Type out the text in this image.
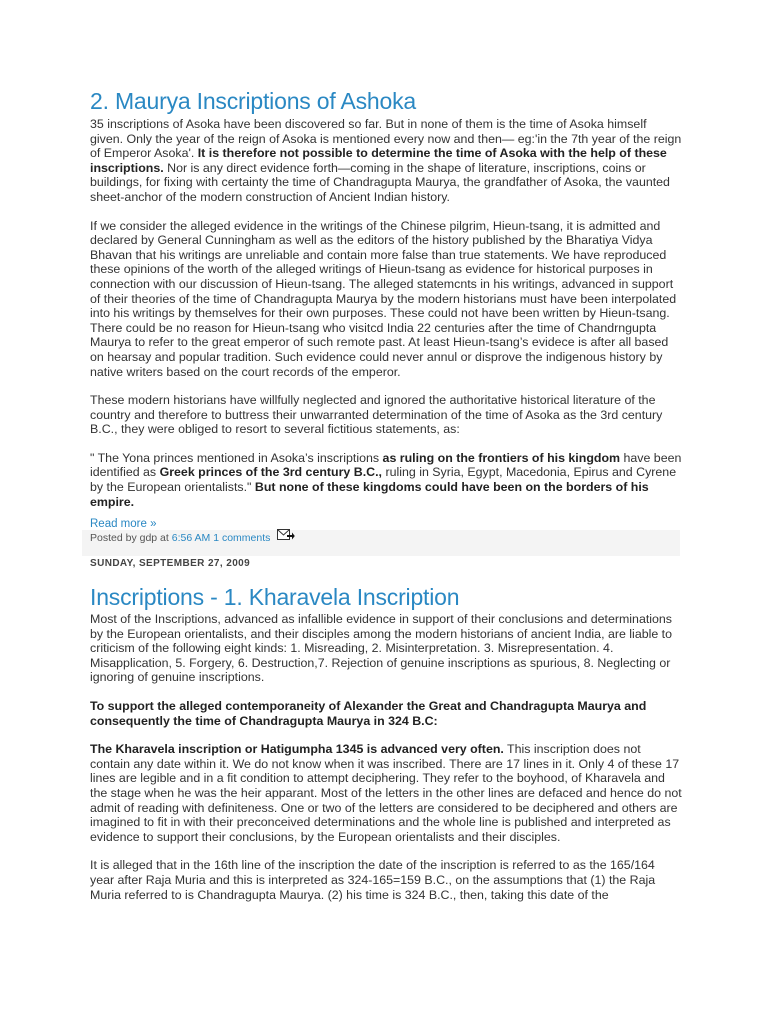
2. Maurya Inscriptions of Ashoka

35 inscriptions of Asoka have been discovered so far. But in none of them is the time of Asoka himself given. Only the year of the reign of Asoka is mentioned every now and then— eg:'in the 7th year of the reign of Emperor Asoka'. It is therefore not possible to determine the time of Asoka with the help of these inscriptions. Nor is any direct evidence forth—coming in the shape of literature, inscriptions, coins or buildings, for fixing with certainty the time of Chandragupta Maurya, the grandfather of Asoka, the vaunted sheet-anchor of the modern construction of Ancient Indian history.

If we consider the alleged evidence in the writings of the Chinese pilgrim, Hieun-tsang, it is admitted and declared by General Cunningham as well as the editors of the history published by the Bharatiya Vidya Bhavan that his writings are unreliable and contain more false than true statements. We have reproduced these opinions of the worth of the alleged writings of Hieun-tsang as evidence for historical purposes in connection with our discussion of Hieun-tsang. The alleged statemcnts in his writings, advanced in support of their theories of the time of Chandragupta Maurya by the modern historians must have been interpolated into his writings by themselves for their own purposes. These could not have been written by Hieun-tsang. There could be no reason for Hieun-tsang who visitcd India 22 centuries after the time of Chandrngupta Maurya to refer to the great emperor of such remote past. At least Hieun-tsang’s evidece is after all based on hearsay and popular tradition. Such evidence could never annul or disprove the indigenous history by native writers based on the court records of the emperor.

These modern historians have willfully neglected and ignored the authoritative historical literature of the country and therefore to buttress their unwarranted determination of the time of Asoka as the 3rd century B.C., they were obliged to resort to several fictitious statements, as:

" The Yona princes mentioned in Asoka’s inscriptions as ruling on the frontiers of his kingdom have been identified as Greek princes of the 3rd century B.C., ruling in Syria, Egypt, Macedonia, Epirus and Cyrene by the European orientalists." But none of these kingdoms could have been on the borders of his empire.

Read more »
Posted by gdp at 6:56 AM 1 comments
SUNDAY, SEPTEMBER 27, 2009
Inscriptions - 1. Kharavela Inscription

Most of the Inscriptions, advanced as infallible evidence in support of their conclusions and determinations by the European orientalists, and their disciples among the modern historians of ancient India, are liable to criticism of the following eight kinds: 1. Misreading, 2. Misinterpretation. 3. Misrepresentation. 4. Misapplication, 5. Forgery, 6. Destruction,7. Rejection of genuine inscriptions as spurious, 8. Neglecting or ignoring of genuine inscriptions.

To support the alleged contemporaneity of Alexander the Great and Chandragupta Maurya and consequently the time of Chandragupta Maurya in 324 B.C:

The Kharavela inscription or Hatigumpha 1345 is advanced very often. This inscription does not contain any date within it. We do not know when it was inscribed. There are 17 lines in it. Only 4 of these 17 lines are legible and in a fit condition to attempt deciphering. They refer to the boyhood, of Kharavela and the stage when he was the heir apparant. Most of the letters in the other lines are defaced and hence do not admit of reading with definiteness. One or two of the letters are considered to be deciphered and others are imagined to fit in with their preconceived determinations and the whole line is published and interpreted as evidence to support their conclusions, by the European orientalists and their disciples.

It is alleged that in the 16th line of the inscription the date of the inscription is referred to as the 165/164 year after Raja Muria and this is interpreted as 324-165=159 B.C., on the assumptions that (1) the Raja Muria referred to is Chandragupta Maurya. (2) his time is 324 B.C., then, taking this date of the
